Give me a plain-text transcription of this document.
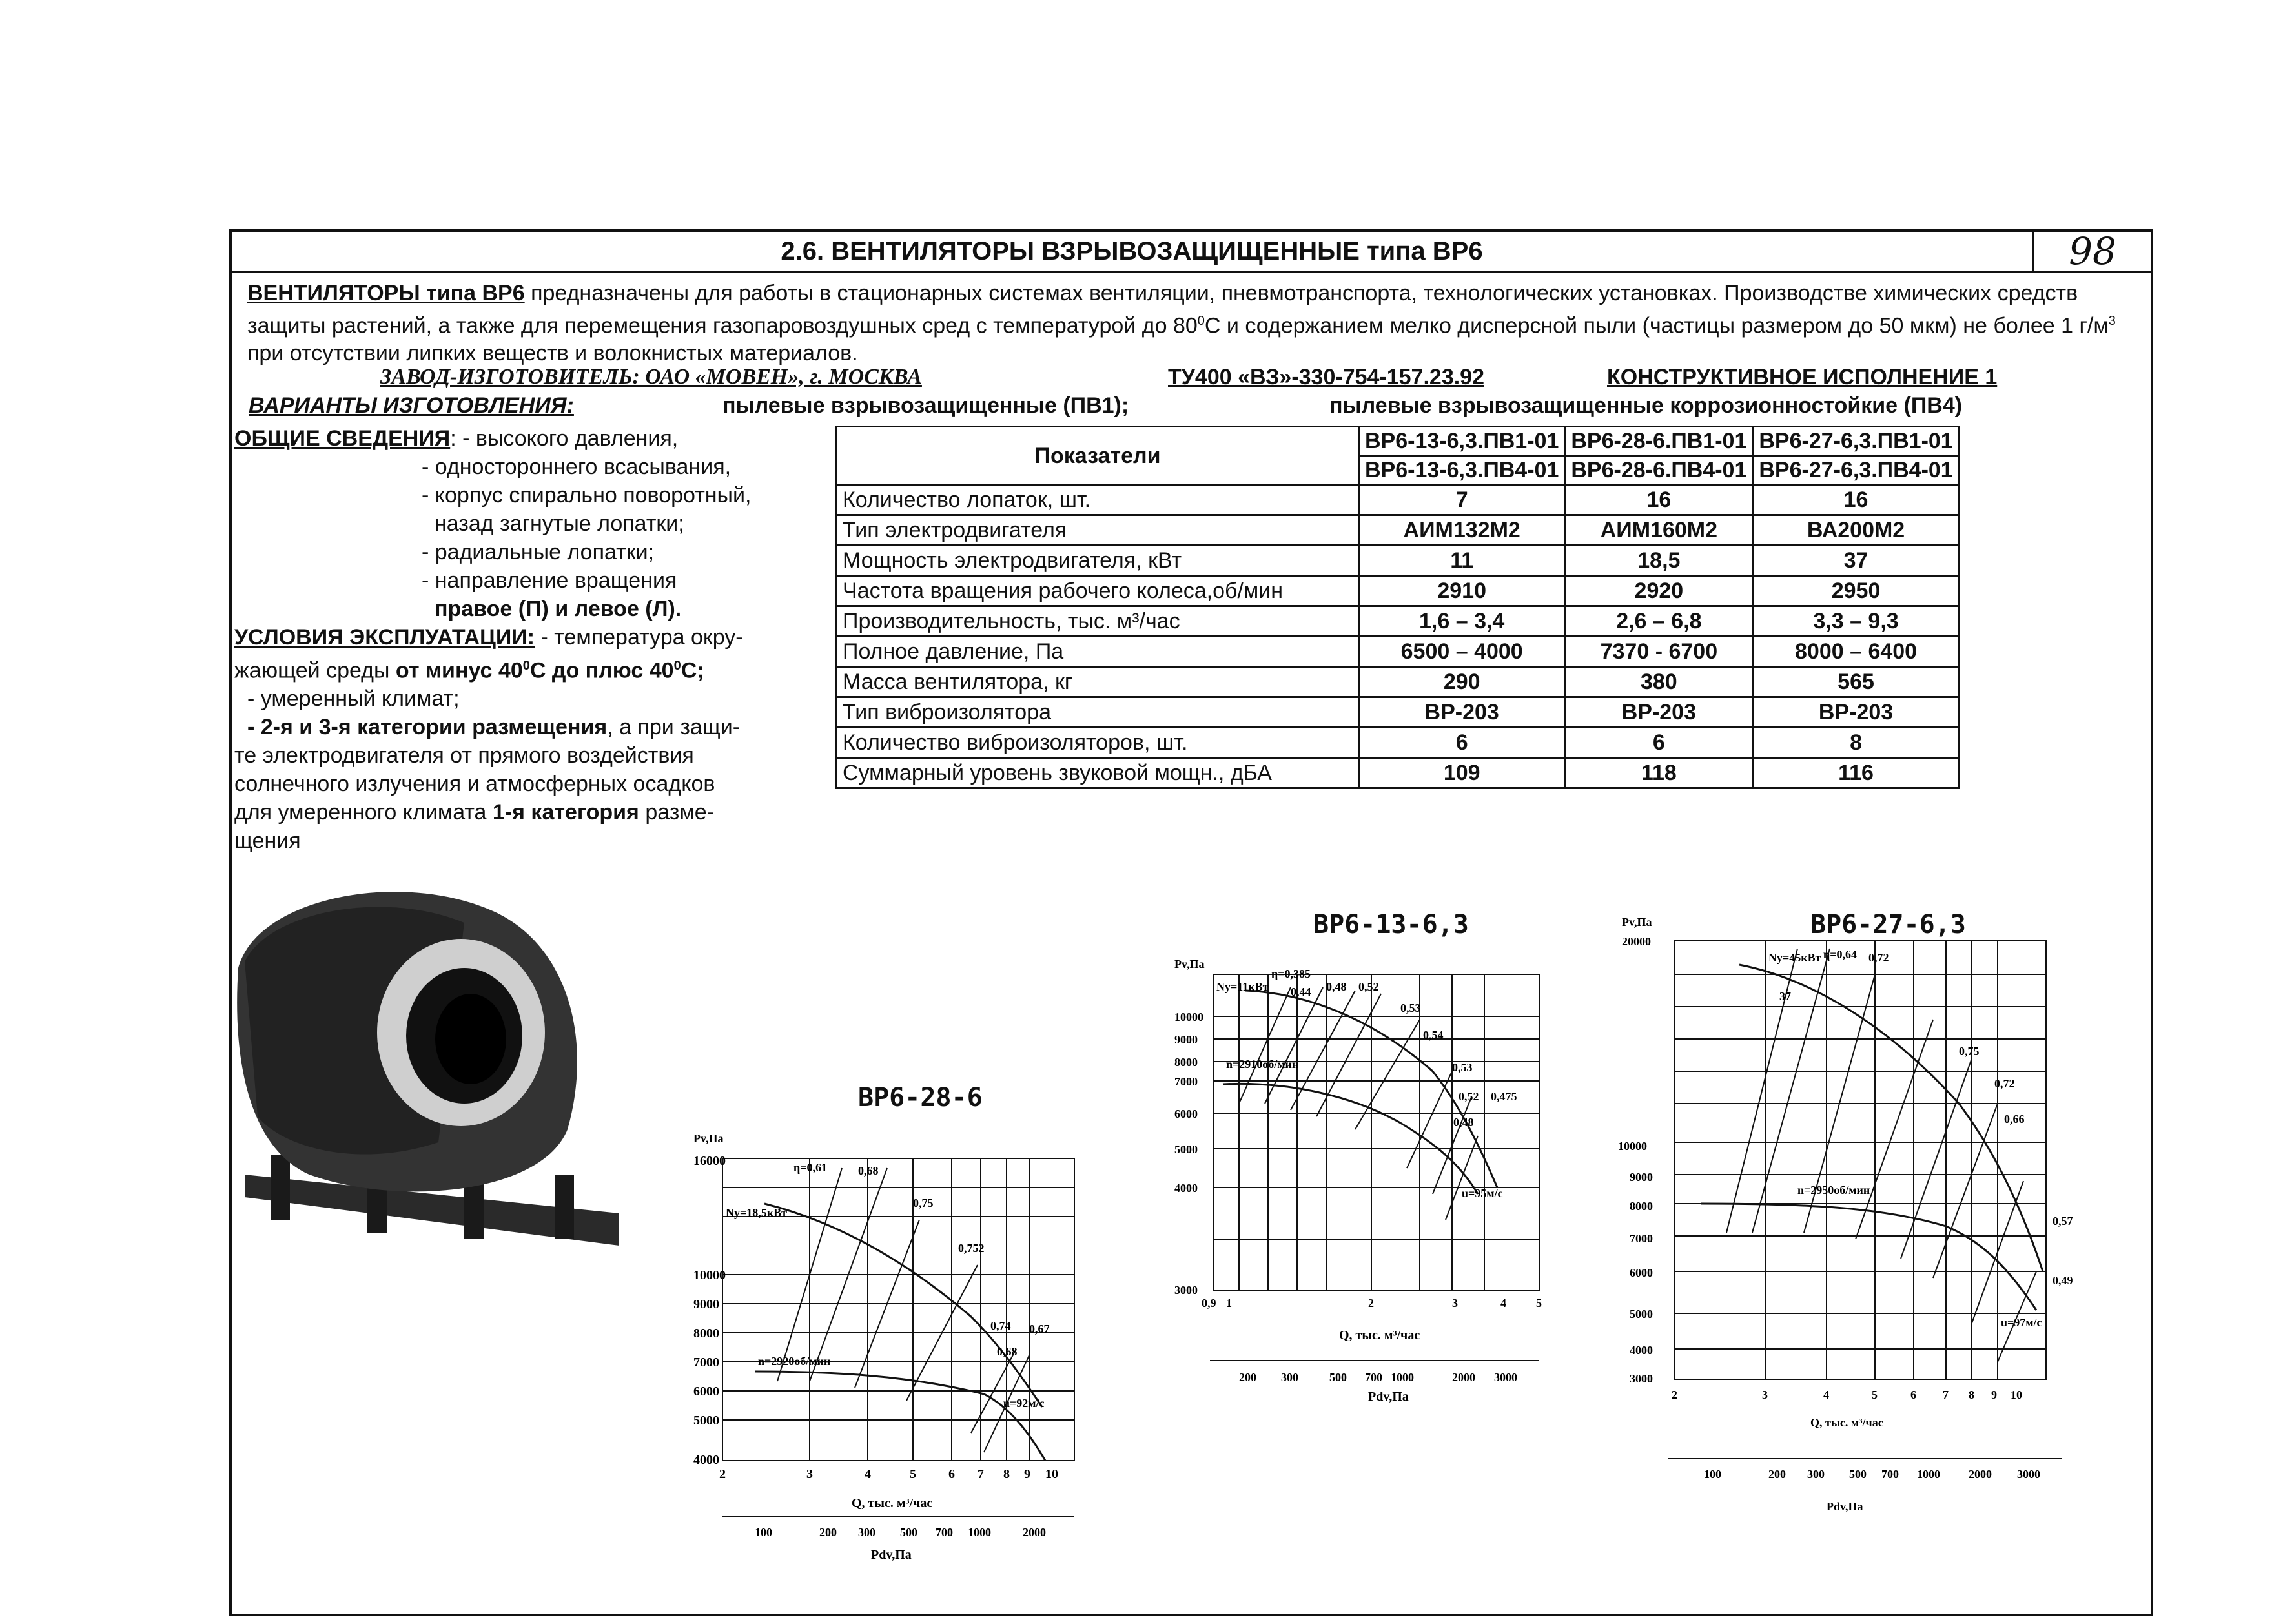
2.6. ВЕНТИЛЯТОРЫ ВЗРЫВОЗАЩИЩЕННЫЕ типа ВР6	98
ВЕНТИЛЯТОРЫ типа ВР6 предназначены для работы в стационарных системах вентиляции, пневмотранспорта, технологических установках. Производстве химических средств защиты растений, а также для перемещения газопаровоздушных сред с температурой до $80^0С$ и содержанием мелко дисперсной пыли (частицы размером до 50 мкм) не более 1 $г/м^3$ при отсутствии липких веществ и волокнистых материалов.
ЗАВОД-ИЗГОТОВИТЕЛЬ: ОАО «МОВЕН», г. МОСКВА	ТУ400 «ВЗ»-330-754-157.23.92	КОНСТРУКТИВНОЕ ИСПОЛНЕНИЕ 1
ВАРИАНТЫ ИЗГОТОВЛЕНИЯ:	пылевые взрывозащищенные (ПВ1);	пылевые взрывозащищенные коррозионностойкие (ПВ4)
ОБЩИЕ СВЕДЕНИЯ: - высокого давления,
- одностороннего всасывания,
- корпус спирально поворотный,
назад загнутые лопатки;
- радиальные лопатки;
- направление вращения
правое (П) и левое (Л).
УСЛОВИЯ ЭКСПЛУАТАЦИИ: - температура окру-
жающей среды от минус $40^0С$ до плюс $40^0С$;
- умеренный климат;
- 2-я и 3-я категории размещения, а при защи-
те электродвигателя от прямого воздействия
солнечного излучения и атмосферных осадков
для умеренного климата 1-я категория разме-
щения
Показатели	ВР6-13-6,3.ПВ1-01	ВР6-28-6.ПВ1-01	ВР6-27-6,3.ПВ1-01
	ВР6-13-6,3.ПВ4-01	ВР6-28-6.ПВ4-01	ВР6-27-6,3.ПВ4-01
Количество лопаток, шт.	7	16	16
Тип электродвигателя	АИМ132М2	АИМ160М2	ВА200М2
Мощность электродвигателя, кВт	11	18,5	37
Частота вращения рабочего колеса,об/мин	2910	2920	2950
Производительность, тыс. м³/час	1,6 – 3,4	2,6 – 6,8	3,3 – 9,3
Полное давление, Па	6500 – 4000	7370 - 6700	8000 – 6400
Масса вентилятора, кг	290	380	565
Тип виброизолятора	ВР-203	ВР-203	ВР-203
Количество виброизоляторов, шт.	6	6	8
Суммарный уровень звуковой мощн., дБА	109	118	116
ВР6-28-6
Pv,Па
16000
10000
9000
8000
7000
6000
5000
4000
2	3	4	5	6 7 8 9 10
Q, тыс. м³/час
100	200 300 500 700 1000	2000
Pdv,Па
η=0,61	0,68
0,75
0,752
0,74 0,67
0,68
Nу=18,5кВт
n=2920об/мин
u=92м/с
ВР6-13-6,3
Pv,Па
10000
9000
8000
7000
6000
5000
4000
3000
0,9 1	2	3	4	5
Q, тыс. м³/час
200 300	500 700 1000	2000 3000
Pdv,Па
Nу=11кВт
η=0,385
0,44 0,48 0,52
0,53
0,54
0,53
0,52 0,475
0,48
n=2910об/мин
u=95м/с
ВР6-27-6,3
Pv,Па
20000
10000
9000
8000
7000
6000
5000
4000
3000
2	3	4	5	6 7 8 9 10
Q, тыс. м³/час
100	200 300 500 700 1000 2000 3000
Pdv,Па
Nу=45кВт η=0,64 0,72
37
0,75
0,72
0,66
0,57
0,49
n=2950об/мин
u=97м/с
